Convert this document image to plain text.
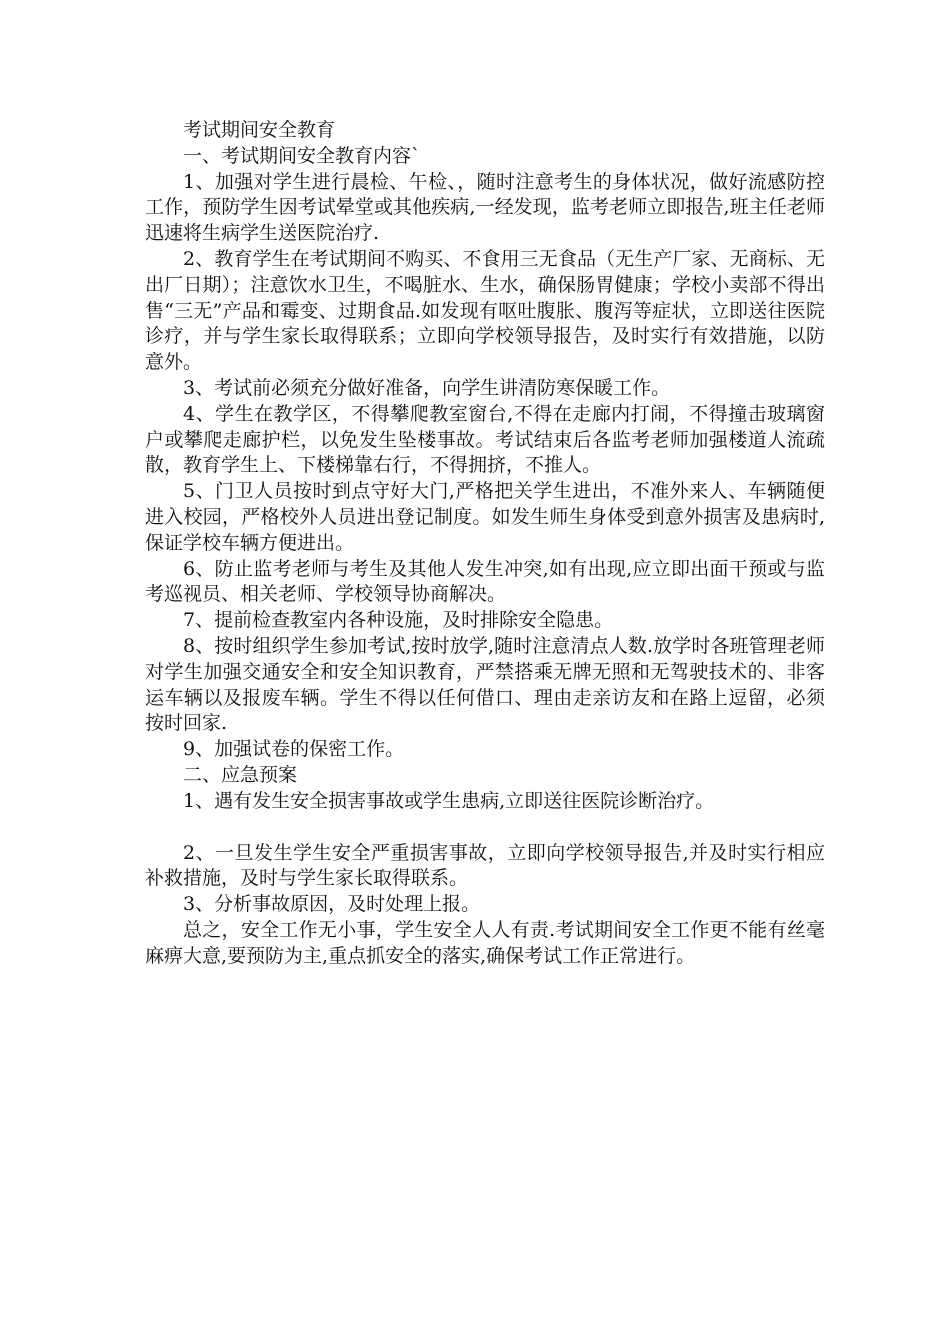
考试期间安全教育

一、考试期间安全教育内容`

1、加强对学生进行晨检、午检、，随时注意考生的身体状况，做好流感防控工作，预防学生因考试晕堂或其他疾病,一经发现，监考老师立即报告,班主任老师迅速将生病学生送医院治疗.

2、教育学生在考试期间不购买、不食用三无食品（无生产厂家、无商标、无出厂日期）；注意饮水卫生，不喝脏水、生水，确保肠胃健康；学校小卖部不得出售“三无”产品和霉变、过期食品.如发现有呕吐腹胀、腹泻等症状，立即送往医院诊疗，并与学生家长取得联系；立即向学校领导报告，及时实行有效措施，以防意外。

3、考试前必须充分做好准备，向学生讲清防寒保暖工作。

4、学生在教学区，不得攀爬教室窗台,不得在走廊内打闹，不得撞击玻璃窗户或攀爬走廊护栏，以免发生坠楼事故。考试结束后各监考老师加强楼道人流疏散，教育学生上、下楼梯靠右行，不得拥挤，不推人。

5、门卫人员按时到点守好大门,严格把关学生进出，不准外来人、车辆随便进入校园，严格校外人员进出登记制度。如发生师生身体受到意外损害及患病时,保证学校车辆方便进出。

6、防止监考老师与考生及其他人发生冲突,如有出现,应立即出面干预或与监考巡视员、相关老师、学校领导协商解决。

7、提前检查教室内各种设施，及时排除安全隐患。

8、按时组织学生参加考试,按时放学,随时注意清点人数.放学时各班管理老师对学生加强交通安全和安全知识教育，严禁搭乘无牌无照和无驾驶技术的、非客运车辆以及报废车辆。学生不得以任何借口、理由走亲访友和在路上逗留，必须按时回家.

9、加强试卷的保密工作。

二、应急预案

1、遇有发生安全损害事故或学生患病,立即送往医院诊断治疗。

2、一旦发生学生安全严重损害事故，立即向学校领导报告,并及时实行相应补救措施，及时与学生家长取得联系。

3、分析事故原因，及时处理上报。

总之，安全工作无小事，学生安全人人有责.考试期间安全工作更不能有丝毫麻痹大意,要预防为主,重点抓安全的落实,确保考试工作正常进行。
